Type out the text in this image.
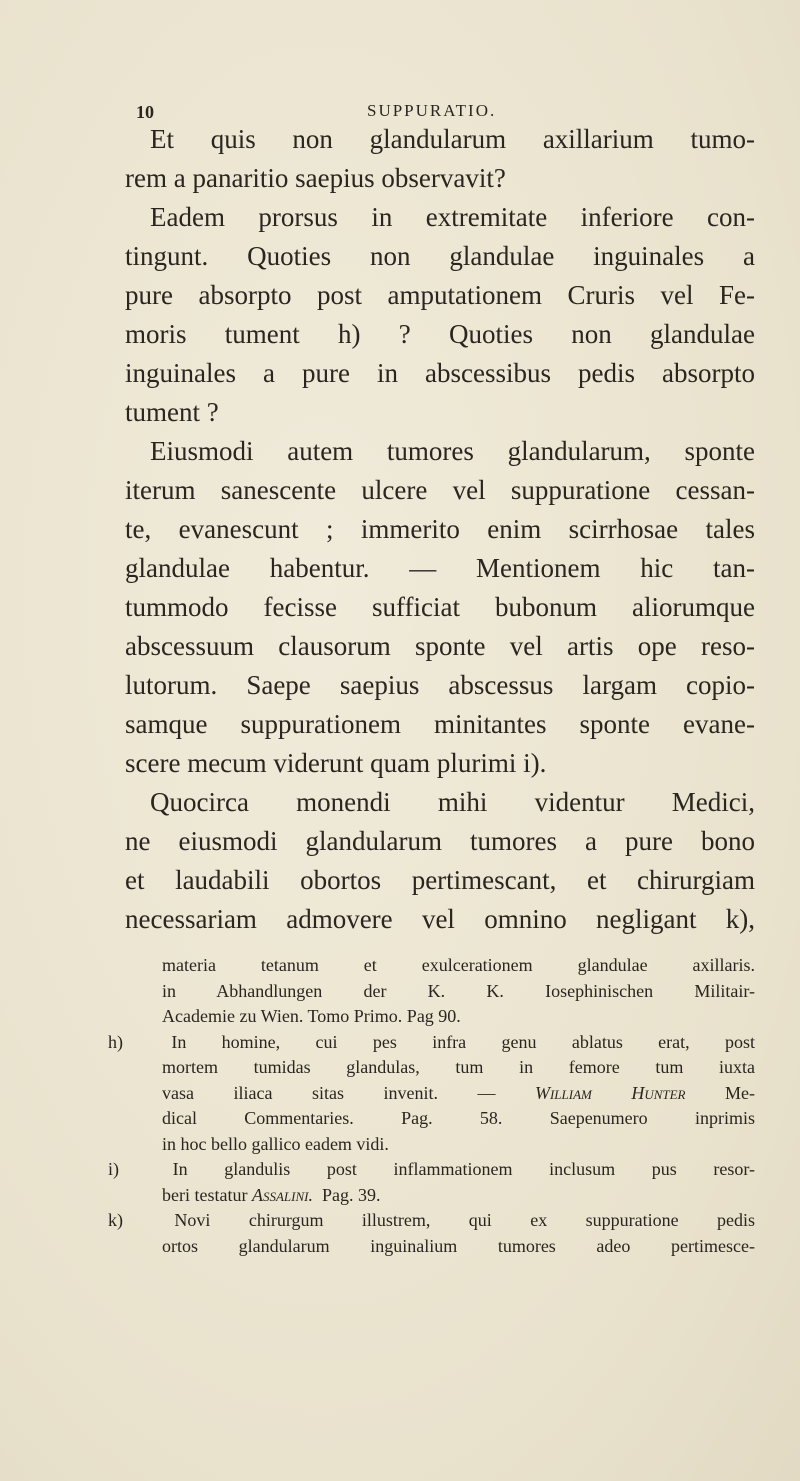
10	SUPPURATIO.
Et quis non glandularum axillarium tumo-
rem a panaritio saepius observavit?
Eadem prorsus in extremitate inferiore con-
tingunt. Quoties non glandulae inguinales a
pure absorpto post amputationem Cruris vel Fe-
moris tument h) ? Quoties non glandulae
inguinales a pure in abscessibus pedis absorpto
tument ?
Eiusmodi autem tumores glandularum, sponte
iterum sanescente ulcere vel suppuratione cessan-
te, evanescunt ; immerito enim scirrhosae tales
glandulae habentur. — Mentionem hic tan-
tummodo fecisse sufficiat bubonum aliorumque
abscessuum clausorum sponte vel artis ope reso-
lutorum. Saepe saepius abscessus largam copio-
samque suppurationem minitantes sponte evane-
scere mecum viderunt quam plurimi i).
Quocirca monendi mihi videntur Medici,
ne eiusmodi glandularum tumores a pure bono
et laudabili obortos pertimescant, et chirurgiam
necessariam admovere vel omnino negligant k),
materia tetanum et exulcerationem glandulae axillaris.
in Abhandlungen der K. K. Iosephinischen Militair-
Academie zu Wien. Tomo Primo. Pag 90.
h)	In homine, cui pes infra genu ablatus erat, post
mortem tumidas glandulas, tum in femore tum iuxta
vasa iliaca sitas invenit. — William Hunter Me-
dical Commentaries. Pag. 58. Saepenumero inprimis
in hoc bello gallico eadem vidi.
i)	In glandulis post inflammationem inclusum pus resor-
beri testatur Assalini. Pag. 39.
k)	Novi chirurgum illustrem, qui ex suppuratione pedis
ortos glandularum inguinalium tumores adeo pertimesce-
